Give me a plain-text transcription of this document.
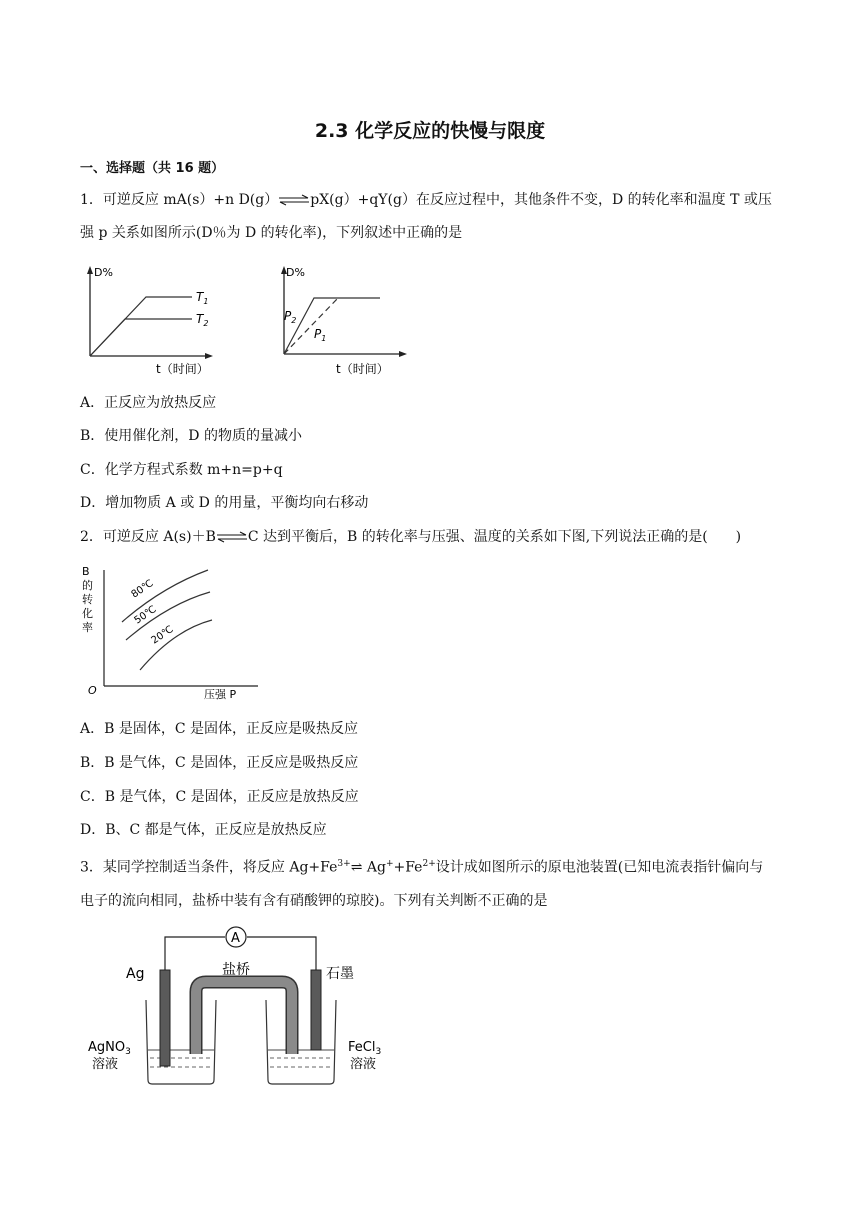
2.3 化学反应的快慢与限度
一、选择题（共 16 题）
1．可逆反应 mA(s）+n D(g）⇌pX(g）+qY(g）在反应过程中，其他条件不变，D 的转化率和温度 T 或压
强 p 关系如图所示(D％为 D 的转化率)，下列叙述中正确的是
D%
$T_1$
$T_2$
t（时间）
D%
$P_2$
$P_1$
t（时间）
A．正反应为放热反应
B．使用催化剂，D 的物质的量减小
C．化学方程式系数 m+n=p+q
D．增加物质 A 或 D 的用量，平衡均向右移动
2．可逆反应 A(s)＋B⇌C 达到平衡后，B 的转化率与压强、温度的关系如下图,下列说法正确的是(　　)
B
的
转
化
率
O	压强 P
80℃
50℃
20℃
A．B 是固体，C 是固体，正反应是吸热反应
B．B 是气体，C 是固体，正反应是吸热反应
C．B 是气体，C 是固体，正反应是放热反应
D．B、C 都是气体，正反应是放热反应
3．某同学控制适当条件，将反应 $Ag+Fe^{3+}\rightleftharpoons$ $Ag^++Fe^{2+}$设计成如图所示的原电池装置(已知电流表指针偏向与
电子的流向相同，盐桥中装有含有硝酸钾的琼胶)。下列有关判断不正确的是
A
Ag	盐桥	石墨
AgNO$_3$
溶液
FeCl$_3$
溶液
